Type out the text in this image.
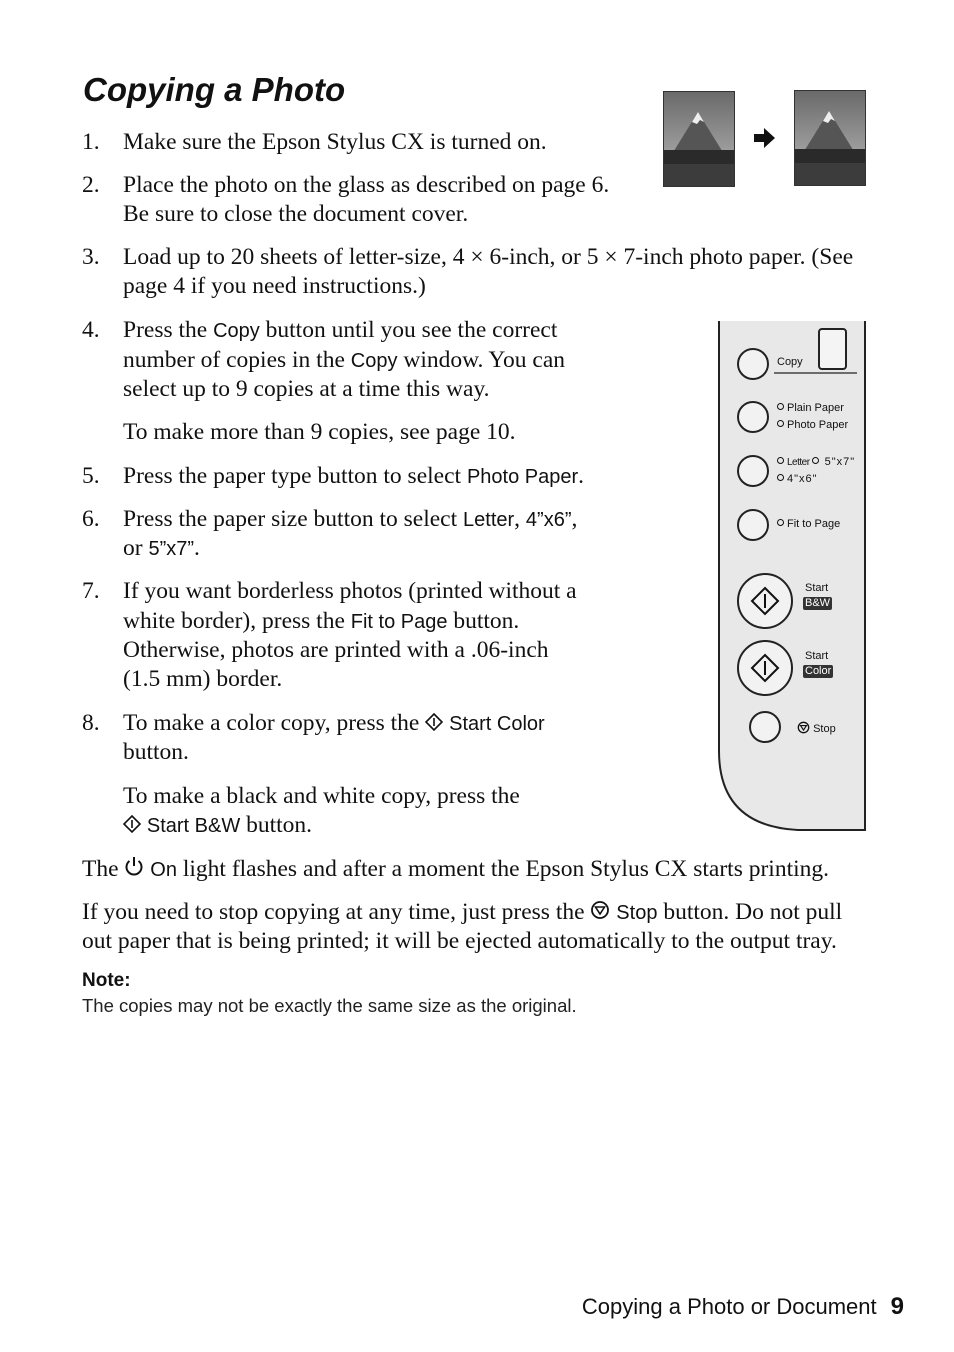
Copying a Photo
1. Make sure the Epson Stylus CX is turned on.
2. Place the photo on the glass as described on page 6.
Be sure to close the document cover.
3. Load up to 20 sheets of letter-size, 4 × 6-inch, or 5 × 7-inch photo paper. (See
page 4 if you need instructions.)
4. Press the Copy button until you see the correct
number of copies in the Copy window. You can
select up to 9 copies at a time this way.
To make more than 9 copies, see page 10.
5. Press the paper type button to select Photo Paper.
6. Press the paper size button to select Letter, 4”x6”,
or 5”x7”.
7. If you want borderless photos (printed without a
white border), press the Fit to Page button.
Otherwise, photos are printed with a .06-inch
(1.5 mm) border.
8. To make a color copy, press the  Start Color
button.
To make a black and white copy, press the
Start B&W button.
The  On light flashes and after a moment the Epson Stylus CX starts printing.
If you need to stop copying at any time, just press the  Stop button. Do not pull
out paper that is being printed; it will be ejected automatically to the output tray.
Note:
The copies may not be exactly the same size as the original.
Copy
Plain Paper
Photo Paper
Letter 5"x7"
4"x6"
Fit to Page
Start
B&W
Start
Color
Stop
Copying a Photo or Document 9
